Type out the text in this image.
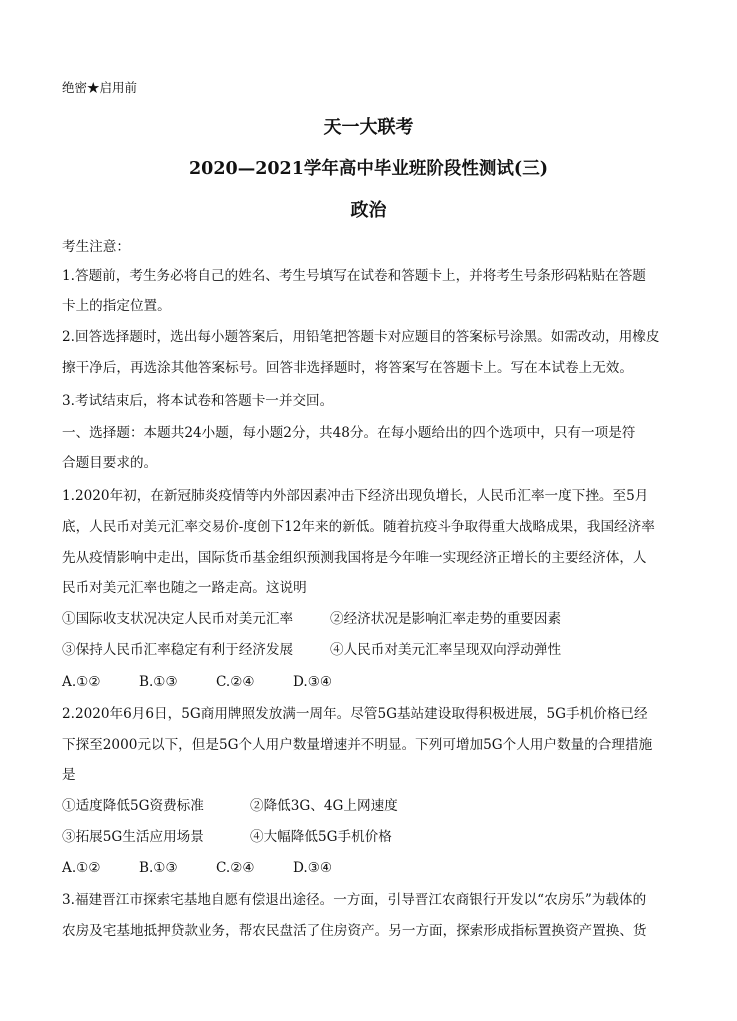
绝密★启用前
天一大联考
2020—2021学年高中毕业班阶段性测试(三)
政治
考生注意：
1.答题前，考生务必将自己的姓名、考生号填写在试卷和答题卡上，并将考生号条形码粘贴在答题
卡上的指定位置。
2.回答选择题时，选出每小题答案后，用铅笔把答题卡对应题目的答案标号涂黑。如需改动，用橡皮
擦干净后，再选涂其他答案标号。回答非选择题时，将答案写在答题卡上。写在本试卷上无效。
3.考试结束后，将本试卷和答题卡一并交回。
一、选择题：本题共24小题，每小题2分，共48分。在每小题给出的四个选项中，只有一项是符
合题目要求的。
1.2020年初，在新冠肺炎疫情等内外部因素冲击下经济出现负增长，人民币汇率一度下挫。至5月
底，人民币对美元汇率交易价-度创下12年来的新低。随着抗疫斗争取得重大战略成果，我国经济率
先从疫情影响中走出，国际货币基金组织预测我国将是今年唯一实现经济正增长的主要经济体，人
民币对美元汇率也随之一路走高。这说明
①国际收支状况决定人民币对美元汇率	②经济状况是影响汇率走势的重要因素
③保持人民币汇率稳定有利于经济发展	④人民币对美元汇率呈现双向浮动弹性
A.①②	B.①③	C.②④	D.③④
2.2020年6月6日，5G商用牌照发放满一周年。尽管5G基站建设取得积极进展，5G手机价格已经
下探至2000元以下，但是5G个人用户数量增速并不明显。下列可增加5G个人用户数量的合理措施
是
①适度降低5G资费标准	②降低3G、4G上网速度
③拓展5G生活应用场景	④大幅降低5G手机价格
A.①②	B.①③	C.②④	D.③④
3.福建晋江市探索宅基地自愿有偿退出途径。一方面，引导晋江农商银行开发以“农房乐”为载体的
农房及宅基地抵押贷款业务，帮农民盘活了住房资产。另一方面，探索形成指标置换资产置换、货
